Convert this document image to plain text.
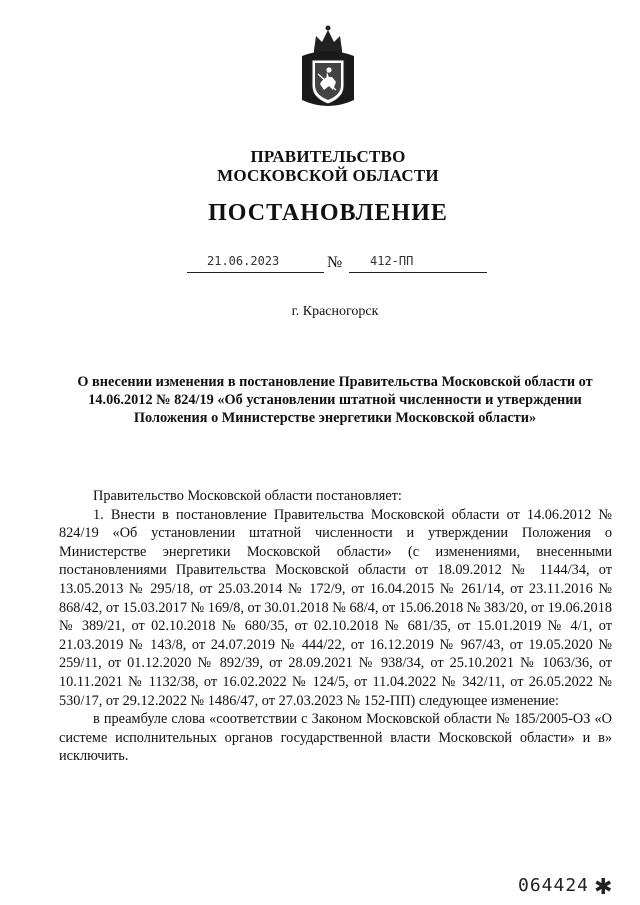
ПРАВИТЕЛЬСТВО
МОСКОВСКОЙ ОБЛАСТИ
ПОСТАНОВЛЕНИЕ
21.06.2023	№	412-ПП
г. Красногорск
О внесении изменения в постановление Правительства Московской области от 14.06.2012 № 824/19 «Об установлении штатной численности и утверждении Положения о Министерстве энергетики Московской области»

Правительство Московской области постановляет:

1. Внести в постановление Правительства Московской области от 14.06.2012 № 824/19 «Об установлении штатной численности и утверждении Положения о Министерстве энергетики Московской области» (с изменениями, внесенными постановлениями Правительства Московской области от 18.09.2012 № 1144/34, от 13.05.2013 № 295/18, от 25.03.2014 № 172/9, от 16.04.2015 № 261/14, от 23.11.2016 № 868/42, от 15.03.2017 № 169/8, от 30.01.2018 № 68/4, от 15.06.2018 № 383/20, от 19.06.2018 № 389/21, от 02.10.2018 № 680/35, от 02.10.2018 № 681/35, от 15.01.2019 № 4/1, от 21.03.2019 № 143/8, от 24.07.2019 № 444/22, от 16.12.2019 № 967/43, от 19.05.2020 № 259/11, от 01.12.2020 № 892/39, от 28.09.2021 № 938/34, от 25.10.2021 № 1063/36, от 10.11.2021 № 1132/38, от 16.02.2022 № 124/5, от 11.04.2022 № 342/11, от 26.05.2022 № 530/17, от 29.12.2022 № 1486/47, от 27.03.2023 № 152-ПП) следующее изменение:

в преамбуле слова «соответствии с Законом Московской области № 185/2005-ОЗ «О системе исполнительных органов государственной власти Московской области» и в» исключить.

064424 ✱
